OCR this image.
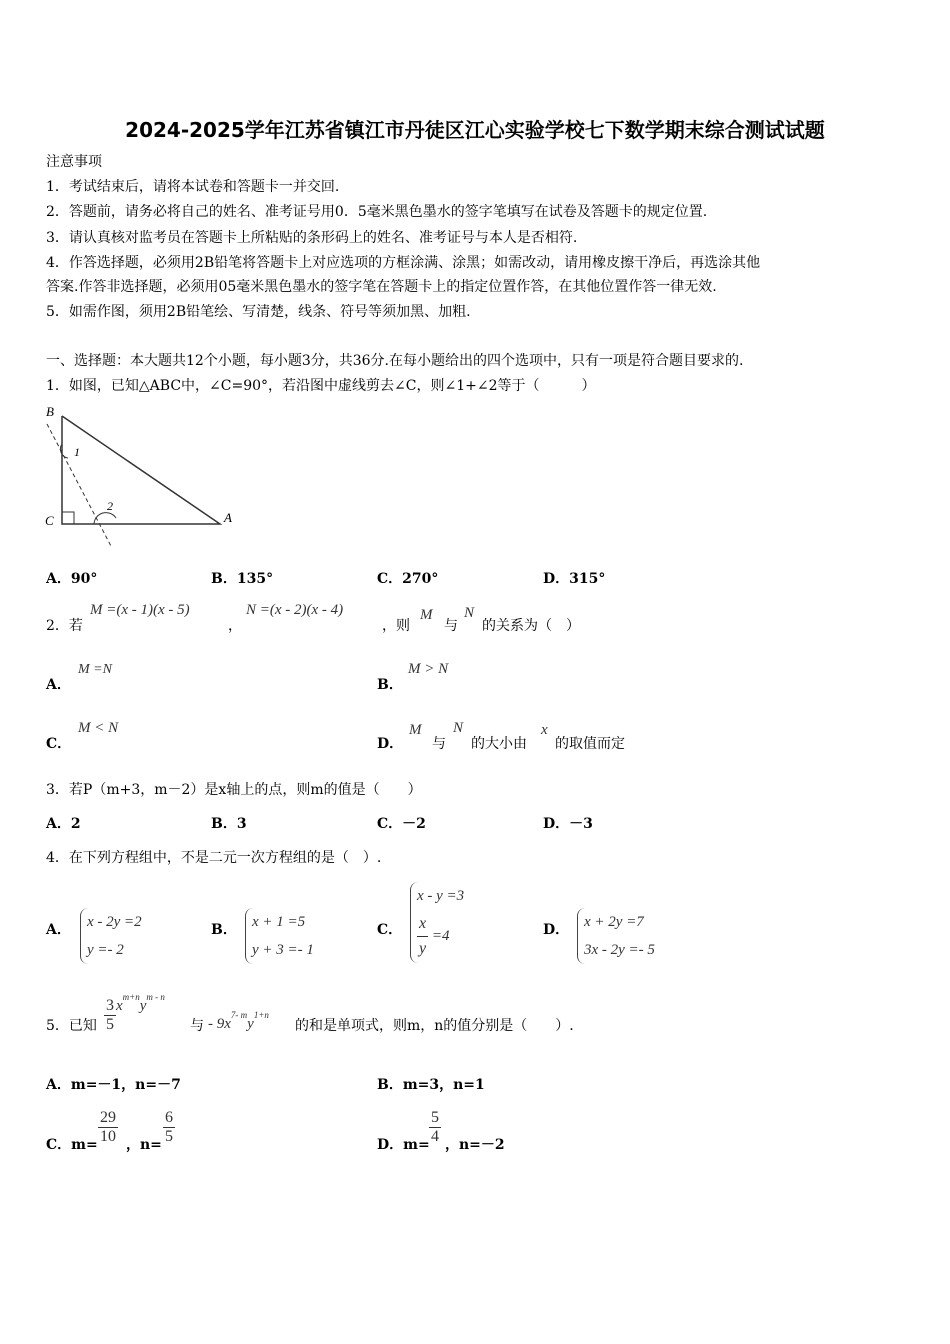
2024-2025学年江苏省镇江市丹徒区江心实验学校七下数学期末综合测试试题
注意事项
1．考试结束后，请将本试卷和答题卡一并交回.
2．答题前，请务必将自己的姓名、准考证号用0．5毫米黑色墨水的签字笔填写在试卷及答题卡的规定位置.
3．请认真核对监考员在答题卡上所粘贴的条形码上的姓名、准考证号与本人是否相符.
4．作答选择题，必须用2B铅笔将答题卡上对应选项的方框涂满、涂黑；如需改动，请用橡皮擦干净后，再选涂其他
答案.作答非选择题，必须用05毫米黑色墨水的签字笔在答题卡上的指定位置作答，在其他位置作答一律无效.
5．如需作图，须用2B铅笔绘、写清楚，线条、符号等须加黑、加粗.
一、选择题：本大题共12个小题，每小题3分，共36分.在每小题给出的四个选项中，只有一项是符合题目要求的.
1．如图，已知△ABC中，∠C=90°，若沿图中虚线剪去∠C，则∠1+∠2等于（　　　）
B
C	A
1
2
A．90°	B．135°	C．270°	D．315°
2．若
M =(x - 1)(x - 5)
，
N =(x - 2)(x - 4)
，则
M
与
N
的关系为（　）
A．
M =N
B．
M > N
C．
M < N
D．
M
与
N
的大小由
x
的取值而定
3．若P（m+3，m－2）是x轴上的点，则m的值是（　　）
A．2	B．3	C．－2	D．－3
4．在下列方程组中，不是二元一次方程组的是（　）.
A． x - 2y =2
y =- 2
B． x + 1 =5
y + 3 =- 1
C．
x - y =3
$\frac{x}{y} =4$	D． x + 2y =7
3x - 2y =- 5
5．已知 $\frac{3}{5} x^{m+n}y^{m - n}$
与 - $9x^{7- m}y^{1+n}$
的和是单项式，则m，n的值分别是（　　）.
A．m=－1，n=－7	B．m=3，n=1
C．$m= \frac{29}{10}$ ，$n= \frac{6}{5}$	D．$m= \frac{5}{4}$ ，n=－2
